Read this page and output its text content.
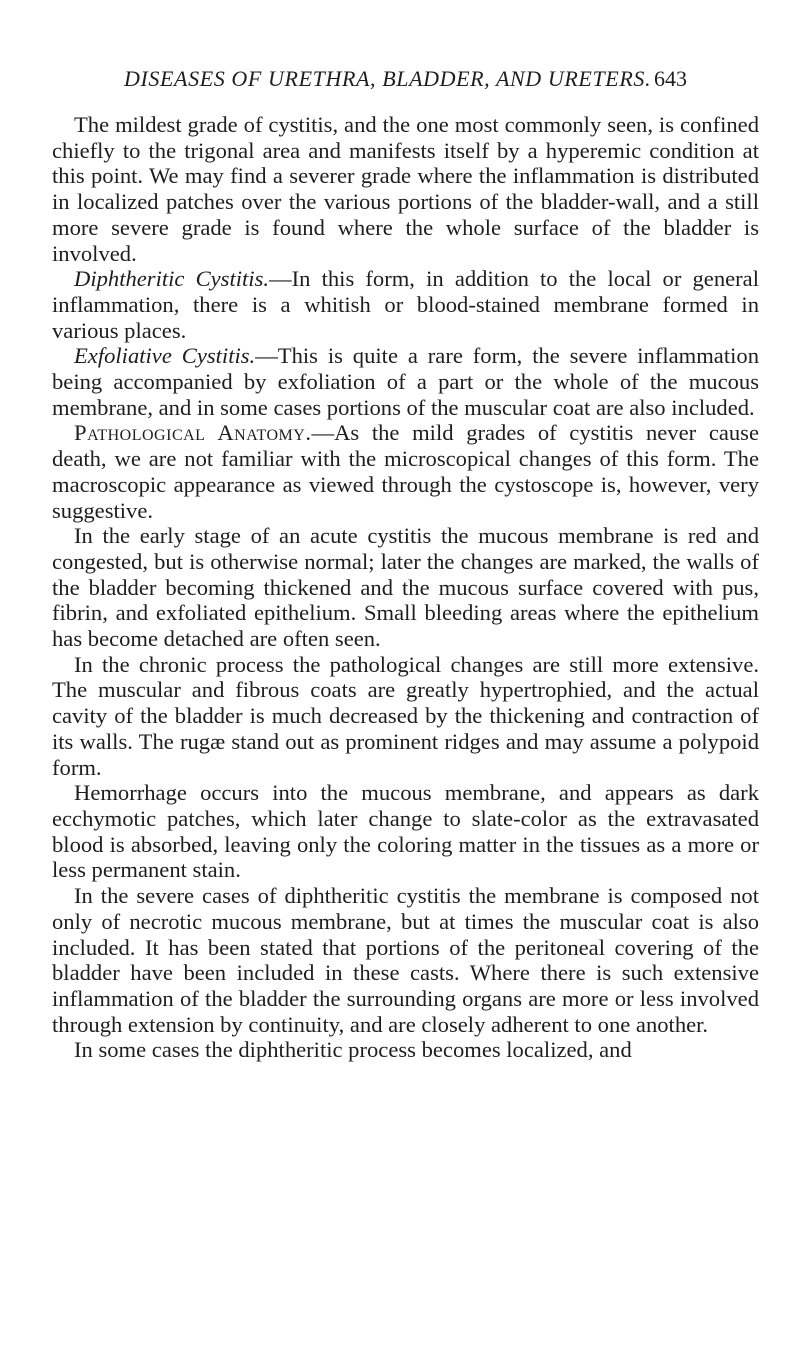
DISEASES OF URETHRA, BLADDER, AND URETERS. 643

The mildest grade of cystitis, and the one most commonly seen, is confined chiefly to the trigonal area and manifests itself by a hyperemic condition at this point. We may find a severer grade where the inflammation is distributed in localized patches over the various portions of the bladder-wall, and a still more severe grade is found where the whole surface of the bladder is involved.

Diphtheritic Cystitis.—In this form, in addition to the local or general inflammation, there is a whitish or blood-stained membrane formed in various places.

Exfoliative Cystitis.—This is quite a rare form, the severe inflammation being accompanied by exfoliation of a part or the whole of the mucous membrane, and in some cases portions of the muscular coat are also included.

Pathological Anatomy.—As the mild grades of cystitis never cause death, we are not familiar with the microscopical changes of this form. The macroscopic appearance as viewed through the cystoscope is, however, very suggestive.

In the early stage of an acute cystitis the mucous membrane is red and congested, but is otherwise normal; later the changes are marked, the walls of the bladder becoming thickened and the mucous surface covered with pus, fibrin, and exfoliated epithelium. Small bleeding areas where the epithelium has become detached are often seen.

In the chronic process the pathological changes are still more extensive. The muscular and fibrous coats are greatly hypertrophied, and the actual cavity of the bladder is much decreased by the thickening and contraction of its walls. The rugæ stand out as prominent ridges and may assume a polypoid form.

Hemorrhage occurs into the mucous membrane, and appears as dark ecchymotic patches, which later change to slate-color as the extravasated blood is absorbed, leaving only the coloring matter in the tissues as a more or less permanent stain.

In the severe cases of diphtheritic cystitis the membrane is composed not only of necrotic mucous membrane, but at times the muscular coat is also included. It has been stated that portions of the peritoneal covering of the bladder have been included in these casts. Where there is such extensive inflammation of the bladder the surrounding organs are more or less involved through extension by continuity, and are closely adherent to one another.

In some cases the diphtheritic process becomes localized, and
